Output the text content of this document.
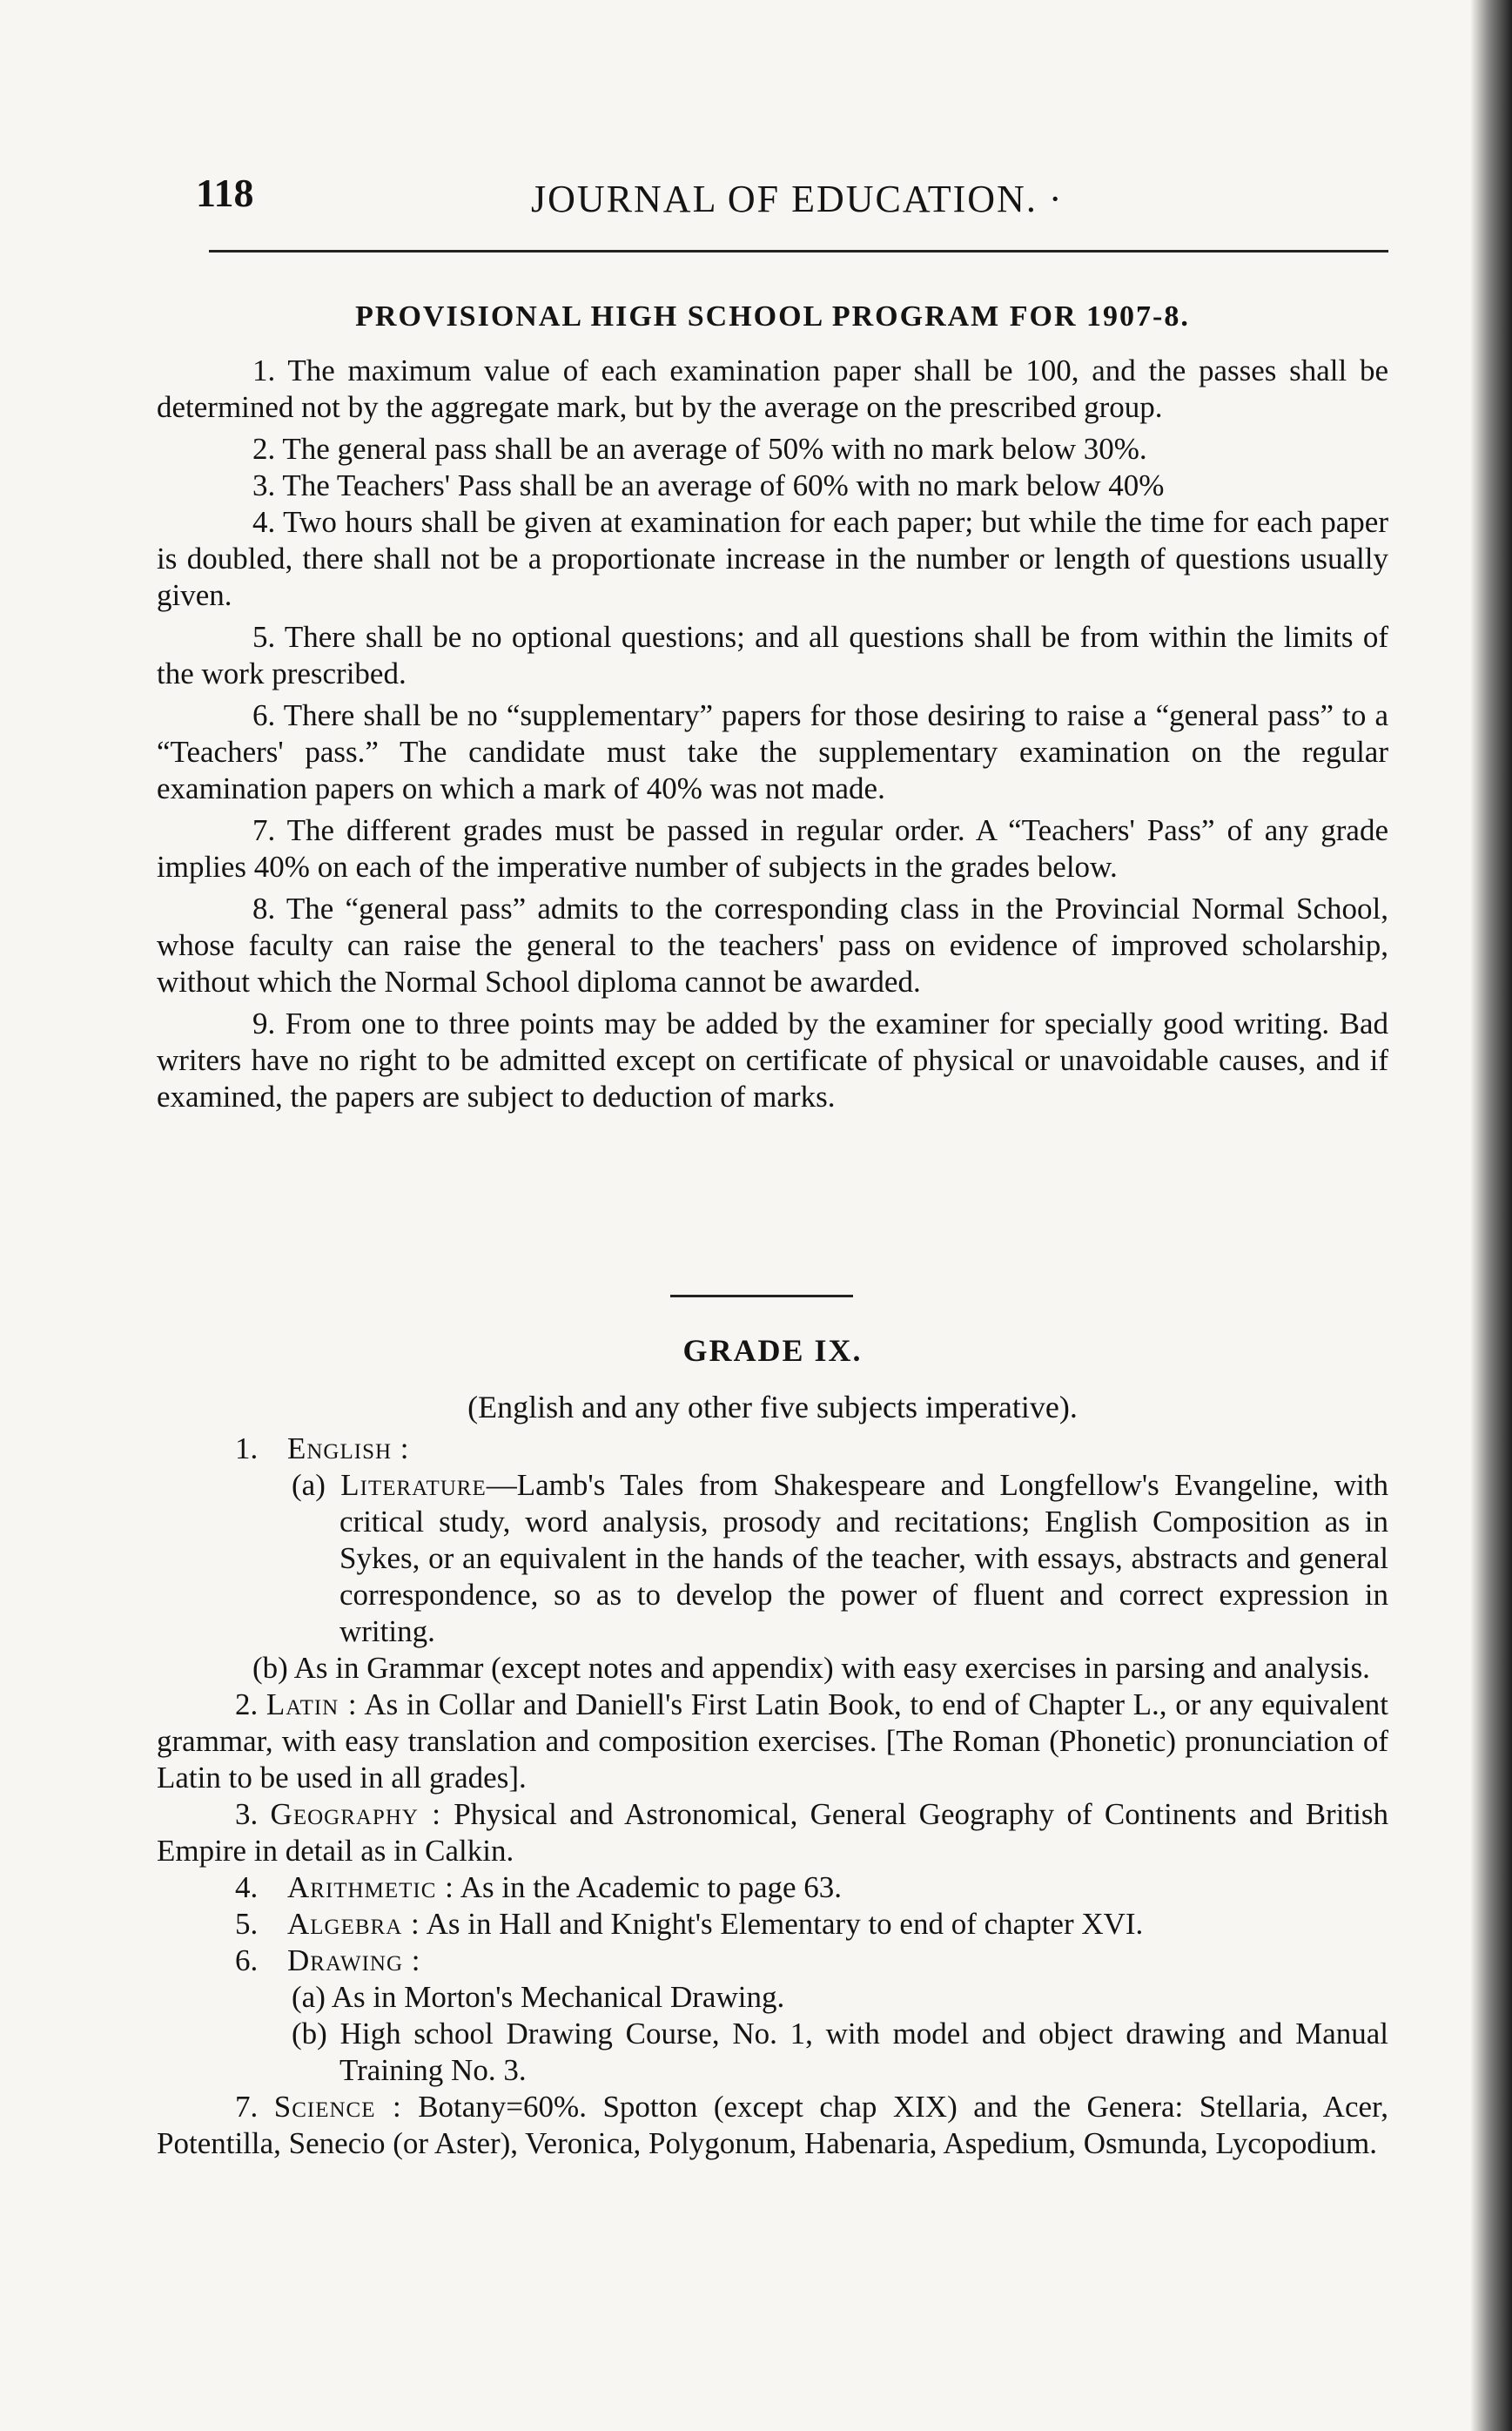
118	JOURNAL OF EDUCATION. ·
PROVISIONAL HIGH SCHOOL PROGRAM FOR 1907-8.

1. The maximum value of each examination paper shall be 100, and the passes shall be determined not by the aggregate mark, but by the average on the prescribed group.

2. The general pass shall be an average of 50% with no mark below 30%.

3. The Teachers' Pass shall be an average of 60% with no mark below 40%

4. Two hours shall be given at examination for each paper; but while the time for each paper is doubled, there shall not be a proportionate increase in the number or length of questions usually given.

5. There shall be no optional questions; and all questions shall be from within the limits of the work prescribed.

6. There shall be no “supplementary” papers for those desiring to raise a “general pass” to a “Teachers' pass.” The candidate must take the supplementary examination on the regular examination papers on which a mark of 40% was not made.

7. The different grades must be passed in regular order. A “Teachers' Pass” of any grade implies 40% on each of the imperative number of subjects in the grades below.

8. The “general pass” admits to the corresponding class in the Provincial Normal School, whose faculty can raise the general to the teachers' pass on evidence of improved scholarship, without which the Normal School diploma cannot be awarded.

9. From one to three points may be added by the examiner for specially good writing. Bad writers have no right to be admitted except on certificate of physical or unavoidable causes, and if examined, the papers are subject to deduction of marks.

GRADE IX.
(English and any other five subjects imperative).

1. English :

(a) Literature—Lamb's Tales from Shakespeare and Longfellow's Evangeline, with critical study, word analysis, prosody and recitations; English Composition as in Sykes, or an equivalent in the hands of the teacher, with essays, abstracts and general correspondence, so as to develop the power of fluent and correct expression in writing.

(b) As in Grammar (except notes and appendix) with easy exercises in parsing and analysis.

2. Latin : As in Collar and Daniell's First Latin Book, to end of Chapter L., or any equivalent grammar, with easy translation and composition exercises. [The Roman (Phonetic) pronunciation of Latin to be used in all grades].

3. Geography : Physical and Astronomical, General Geography of Continents and British Empire in detail as in Calkin.

4. Arithmetic : As in the Academic to page 63.

5. Algebra : As in Hall and Knight's Elementary to end of chapter XVI.

6. Drawing :

(a) As in Morton's Mechanical Drawing.

(b) High school Drawing Course, No. 1, with model and object drawing and Manual Training No. 3.

7. Science : Botany=60%. Spotton (except chap XIX) and the Genera: Stellaria, Acer, Potentilla, Senecio (or Aster), Veronica, Polygonum, Habenaria, Aspedium, Osmunda, Lycopodium.
